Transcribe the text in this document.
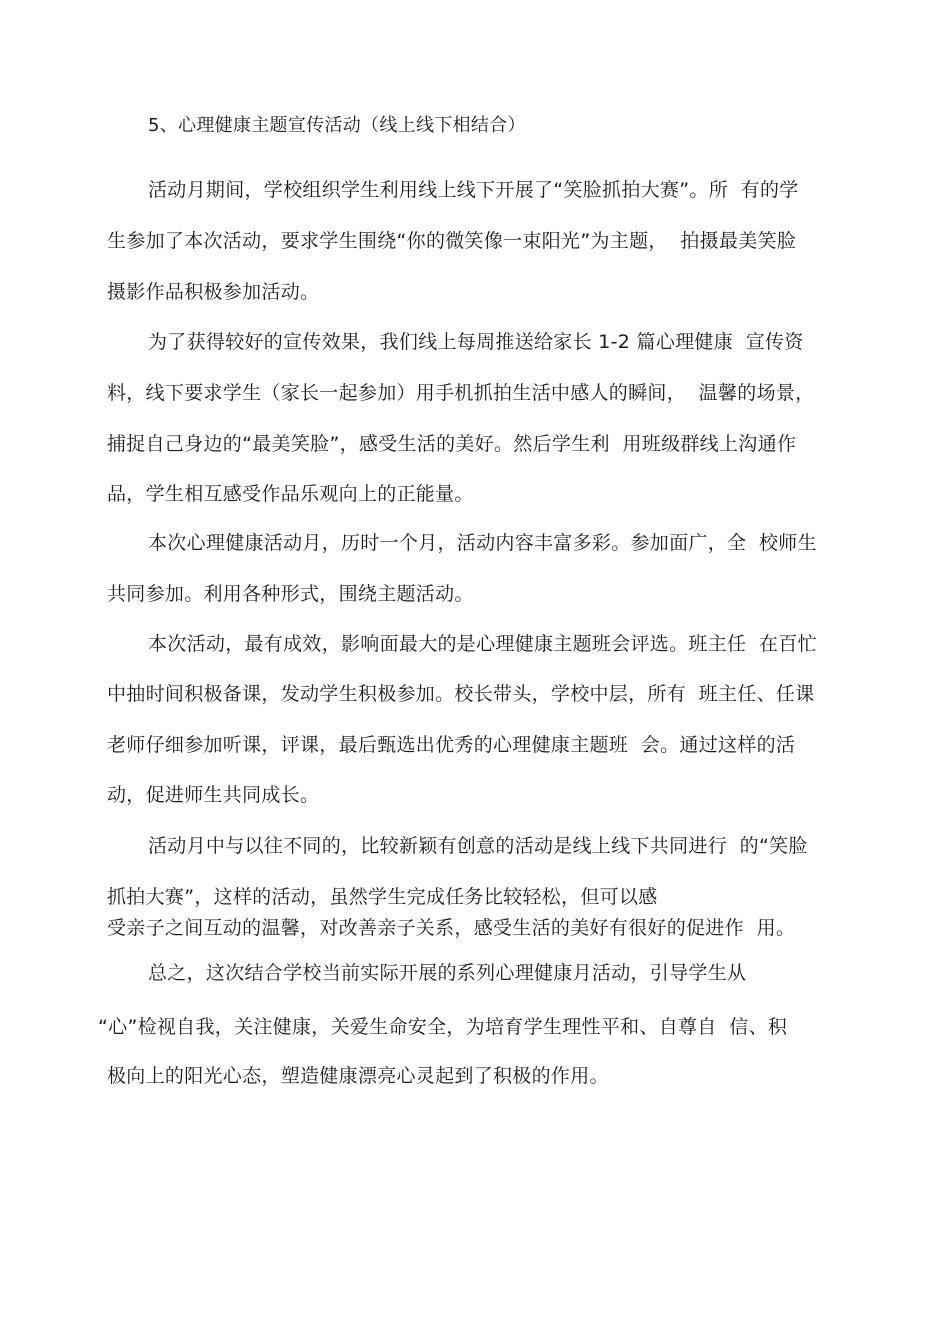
5、心理健康主题宣传活动（线上线下相结合）
活动月期间，学校组织学生利用线上线下开展了“笑脸抓拍大赛”。所  有的学
生参加了本次活动，要求学生围绕“你的微笑像一束阳光”为主题，  拍摄最美笑脸
摄影作品积极参加活动。
为了获得较好的宣传效果，我们线上每周推送给家长 1-2 篇心理健康  宣传资
料，线下要求学生（家长一起参加）用手机抓拍生活中感人的瞬间，  温馨的场景，
捕捉自己身边的“最美笑脸”，感受生活的美好。然后学生利  用班级群线上沟通作
品，学生相互感受作品乐观向上的正能量。
本次心理健康活动月，历时一个月，活动内容丰富多彩。参加面广，全  校师生
共同参加。利用各种形式，围绕主题活动。
本次活动，最有成效，影响面最大的是心理健康主题班会评选。班主任  在百忙
中抽时间积极备课，发动学生积极参加。校长带头，学校中层，所有  班主任、任课
老师仔细参加听课，评课，最后甄选出优秀的心理健康主题班  会。通过这样的活
动，促进师生共同成长。
活动月中与以往不同的，比较新颖有创意的活动是线上线下共同进行  的“笑脸
抓拍大赛”，这样的活动，虽然学生完成任务比较轻松，但可以感
受亲子之间互动的温馨，对改善亲子关系，感受生活的美好有很好的促进作  用。
总之，这次结合学校当前实际开展的系列心理健康月活动，引导学生从
“心”检视自我，关注健康，关爱生命安全，为培育学生理性平和、自尊自  信、积
极向上的阳光心态，塑造健康漂亮心灵起到了积极的作用。
